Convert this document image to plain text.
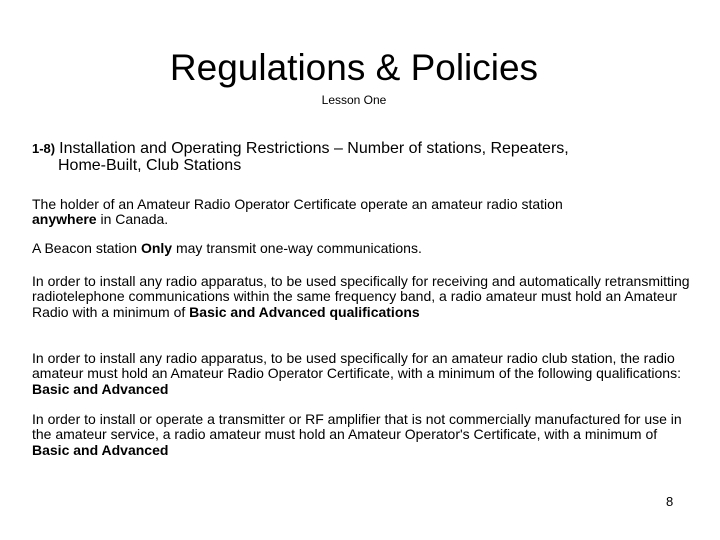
Regulations & Policies
Lesson One
1-8) Installation and Operating Restrictions – Number of stations, Repeaters,
Home-Built, Club Stations
The holder of an Amateur Radio Operator Certificate operate an amateur radio station
anywhere in Canada.
A Beacon station Only may transmit one-way communications.
In order to install any radio apparatus, to be used specifically for receiving and automatically retransmitting radiotelephone communications within the same frequency band, a radio amateur must hold an Amateur Radio with a minimum of Basic and Advanced qualifications
In order to install any radio apparatus, to be used specifically for an amateur radio club station, the radio amateur must hold an Amateur Radio Operator Certificate, with a minimum of the following qualifications: Basic and Advanced
In order to install or operate a transmitter or RF amplifier that is not commercially manufactured for use in the amateur service, a radio amateur must hold an Amateur Operator's Certificate, with a minimum of Basic and Advanced
8
